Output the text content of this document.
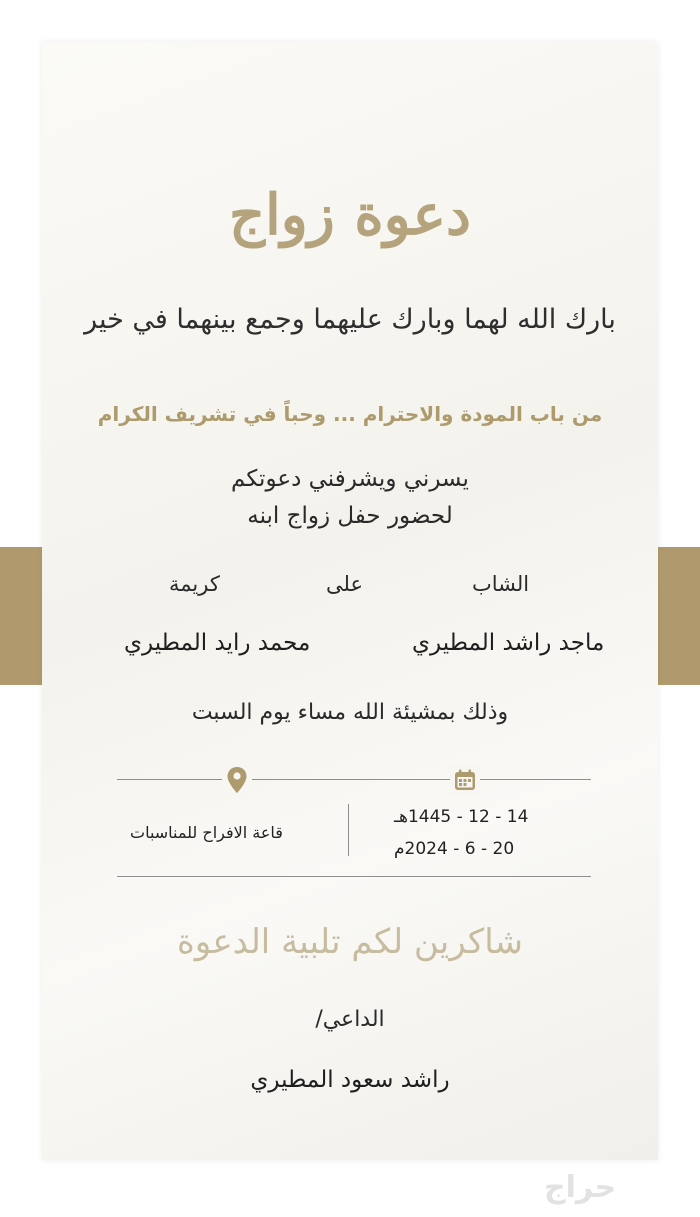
دعوة زواج
بارك الله لهما وبارك عليهما وجمع بينهما في خير
من باب المودة والاحترام ... وحباً في تشريف الكرام
يسرني ويشرفني دعوتكم
لحضور حفل زواج ابنه
الشاب
على
كريمة
ماجد راشد المطيري
محمد رايد المطيري
وذلك بمشيئة الله مساء يوم السبت
14 - 12 - 1445هـ
20 - 6 - 2024م
قاعة الافراح للمناسبات
شاكرين لكم تلبية الدعوة
الداعي/
راشد سعود المطيري
حراج
